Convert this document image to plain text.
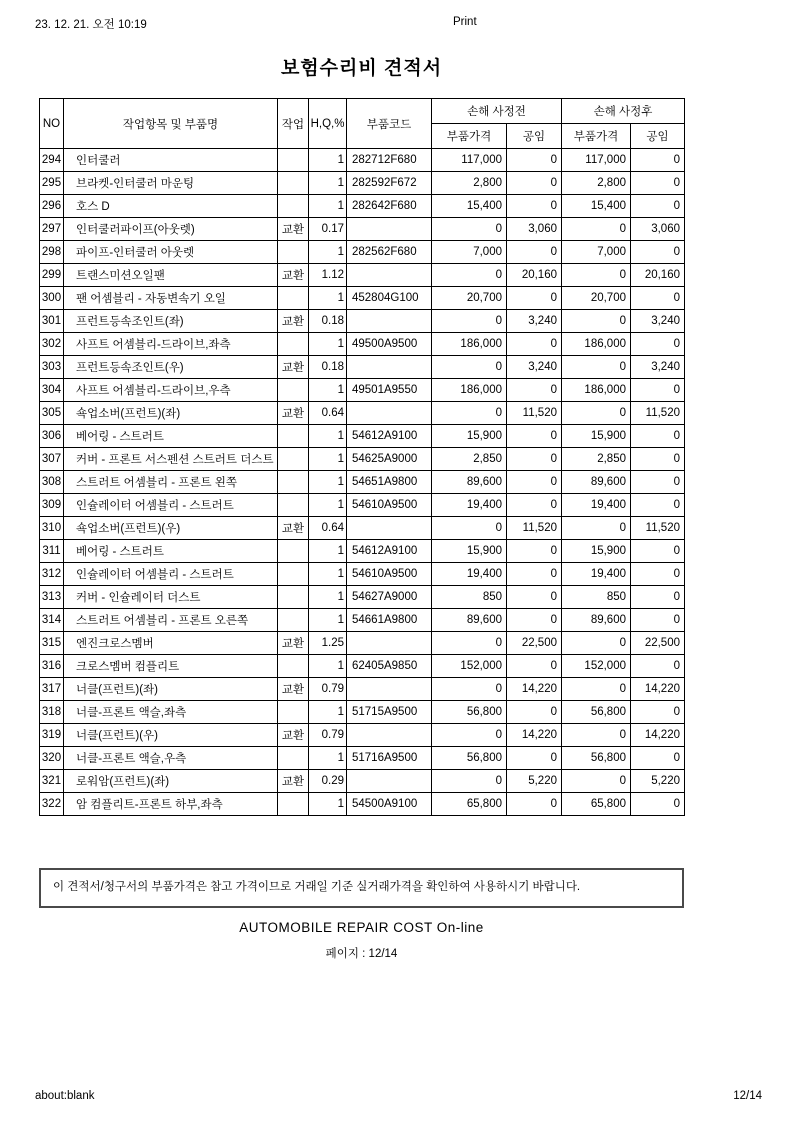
23. 12. 21. 오전 10:19	Print
보험수리비 견적서
NO	작업항목 및 부품명	작업	H,Q,%	부품코드	손해 사정전		손해 사정후	
					부품가격	공임	부품가격	공임
294	인터쿨러		1	282712F680	117,000	0	117,000	0
295	브라켓-인터쿨러 마운팅		1	282592F672	2,800	0	2,800	0
296	호스 D		1	282642F680	15,400	0	15,400	0
297	인터쿨러파이프(아웃렛)	교환	0.17		0	3,060	0	3,060
298	파이프-인터쿨러 아웃렛		1	282562F680	7,000	0	7,000	0
299	트랜스미션오일팬	교환	1.12		0	20,160	0	20,160
300	팬 어셈블리 - 자동변속기 오일		1	452804G100	20,700	0	20,700	0
301	프런트등속조인트(좌)	교환	0.18		0	3,240	0	3,240
302	사프트 어셈블리-드라이브,좌측		1	49500A9500	186,000	0	186,000	0
303	프런트등속조인트(우)	교환	0.18		0	3,240	0	3,240
304	사프트 어셈블리-드라이브,우측		1	49501A9550	186,000	0	186,000	0
305	쇽업소버(프런트)(좌)	교환	0.64		0	11,520	0	11,520
306	베어링 - 스트러트		1	54612A9100	15,900	0	15,900	0
307	커버 - 프론트 서스펜션 스트러트 더스트		1	54625A9000	2,850	0	2,850	0
308	스트러트 어셈블리 - 프론트 왼쪽		1	54651A9800	89,600	0	89,600	0
309	인슐레이터 어셈블리 - 스트러트		1	54610A9500	19,400	0	19,400	0
310	쇽업소버(프런트)(우)	교환	0.64		0	11,520	0	11,520
311	베어링 - 스트러트		1	54612A9100	15,900	0	15,900	0
312	인슐레이터 어셈블리 - 스트러트		1	54610A9500	19,400	0	19,400	0
313	커버 - 인슐레이터 더스트		1	54627A9000	850	0	850	0
314	스트러트 어셈블리 - 프론트 오른쪽		1	54661A9800	89,600	0	89,600	0
315	엔진크로스멤버	교환	1.25		0	22,500	0	22,500
316	크로스멤버 컴플리트		1	62405A9850	152,000	0	152,000	0
317	너클(프런트)(좌)	교환	0.79		0	14,220	0	14,220
318	너클-프론트 액슬,좌측		1	51715A9500	56,800	0	56,800	0
319	너클(프런트)(우)	교환	0.79		0	14,220	0	14,220
320	너클-프론트 액슬,우측		1	51716A9500	56,800	0	56,800	0
321	로워암(프런트)(좌)	교환	0.29		0	5,220	0	5,220
322	암 컴플리트-프론트 하부,좌측		1	54500A9100	65,800	0	65,800	0
이 견적서/청구서의 부품가격은 참고 가격이므로 거래일 기준 실거래가격을 확인하여 사용하시기 바랍니다.
AUTOMOBILE REPAIR COST On-line
페이지 : 12/14
about:blank	12/14
